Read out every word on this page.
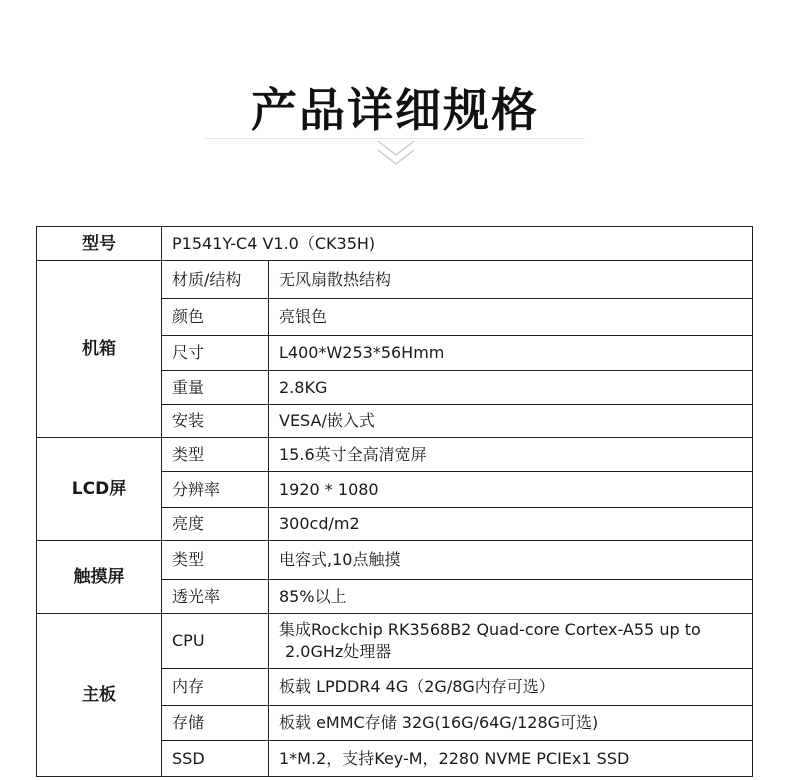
产品详细规格
型号	P1541Y-C4 V1.0（CK35H)	
机箱	材质/结构	无风扇散热结构
	颜色	亮银色
	尺寸	L400*W253*56Hmm
	重量	2.8KG
	安装	VESA/嵌入式
LCD屏	类型	15.6英寸全高清宽屏
	分辨率	1920 * 1080
	亮度	300cd/m2
触摸屏	类型	电容式,10点触摸
	透光率	85%以上
主板	CPU	集成Rockchip RK3568B2 Quad-core Cortex-A55 up to
2.0GHz处理器

	内存	板载 LPDDR4 4G（2G/8G内存可选）
	存储	板载 eMMC存储 32G(16G/64G/128G可选)
	SSD	1*M.2，支持Key-M，2280 NVME PCIEx1 SSD
